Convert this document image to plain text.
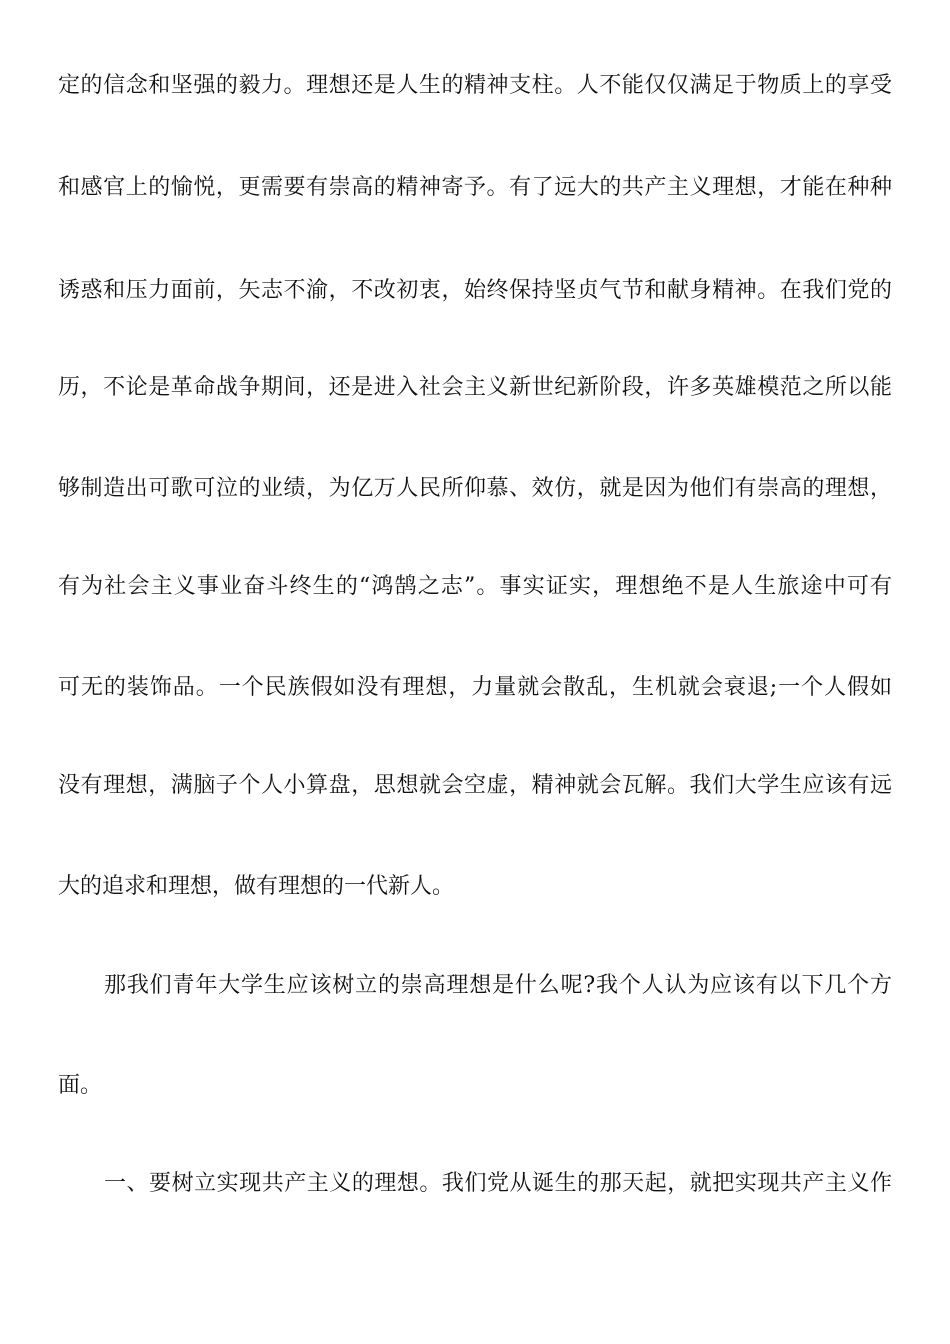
定的信念和坚强的毅力。理想还是人生的精神支柱。人不能仅仅满足于物质上的享受
和感官上的愉悦，更需要有崇高的精神寄予。有了远大的共产主义理想，才能在种种
诱惑和压力面前，矢志不渝，不改初衷，始终保持坚贞气节和献身精神。在我们党的
历，不论是革命战争期间，还是进入社会主义新世纪新阶段，许多英雄模范之所以能
够制造出可歌可泣的业绩，为亿万人民所仰慕、效仿，就是因为他们有崇高的理想，
有为社会主义事业奋斗终生的“鸿鹄之志”。事实证实，理想绝不是人生旅途中可有
可无的装饰品。一个民族假如没有理想，力量就会散乱，生机就会衰退;一个人假如
没有理想，满脑子个人小算盘，思想就会空虚，精神就会瓦解。我们大学生应该有远
大的追求和理想，做有理想的一代新人。
那我们青年大学生应该树立的崇高理想是什么呢?我个人认为应该有以下几个方
面。
一、要树立实现共产主义的理想。我们党从诞生的那天起，就把实现共产主义作
